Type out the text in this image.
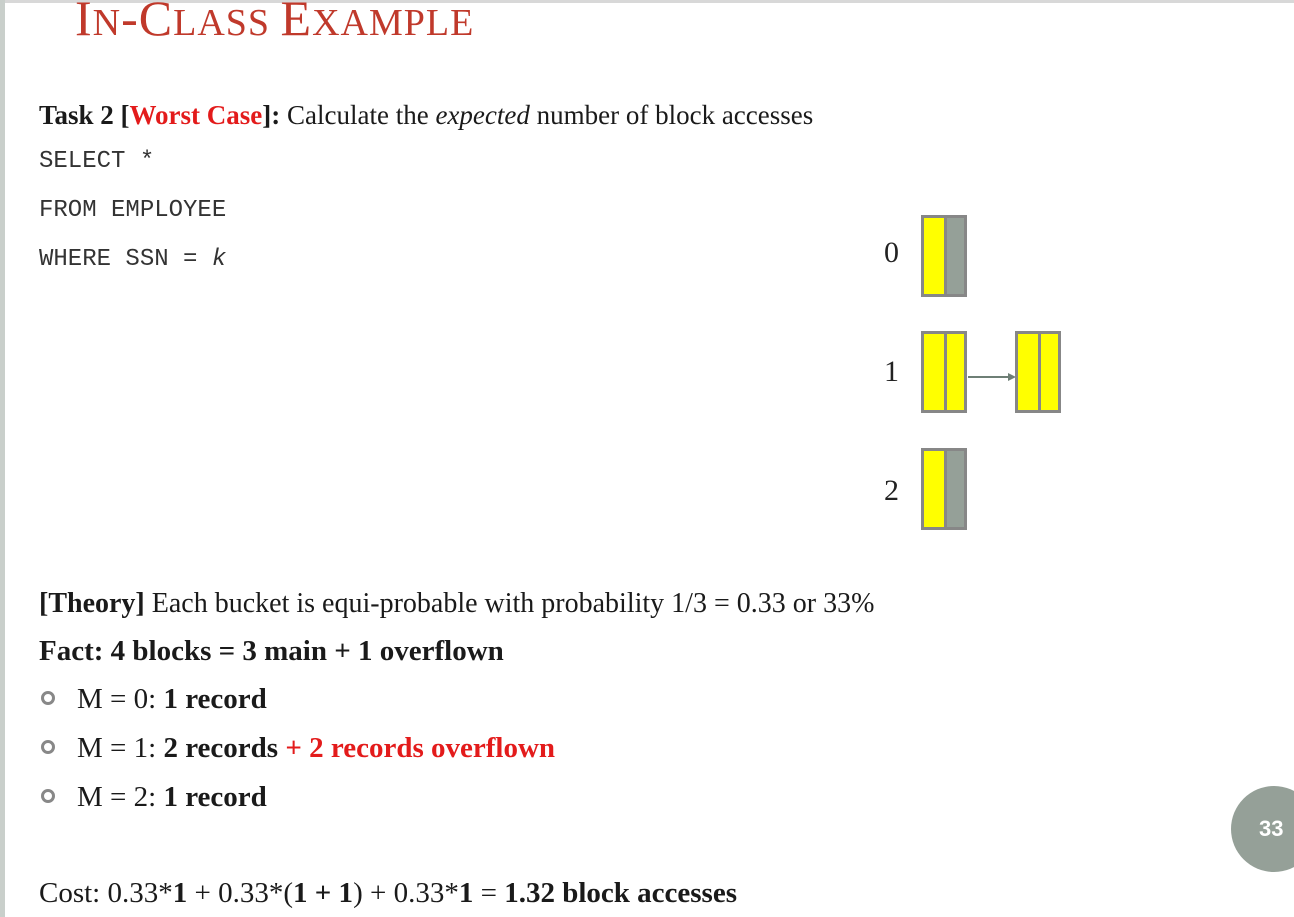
IN-CLASS EXAMPLE
Task 2 [Worst Case]: Calculate the expected number of block accesses
SELECT *
FROM EMPLOYEE
WHERE SSN = k	0
1
2
[Theory] Each bucket is equi-probable with probability 1/3 = 0.33 or 33%
Fact: 4 blocks = 3 main + 1 overflown
M = 0: 1 record
M = 1: 2 records + 2 records overflown
M = 2: 1 record
Cost: 0.33*1 + 0.33*(1 + 1) + 0.33*1 = 1.32 block accesses
33
